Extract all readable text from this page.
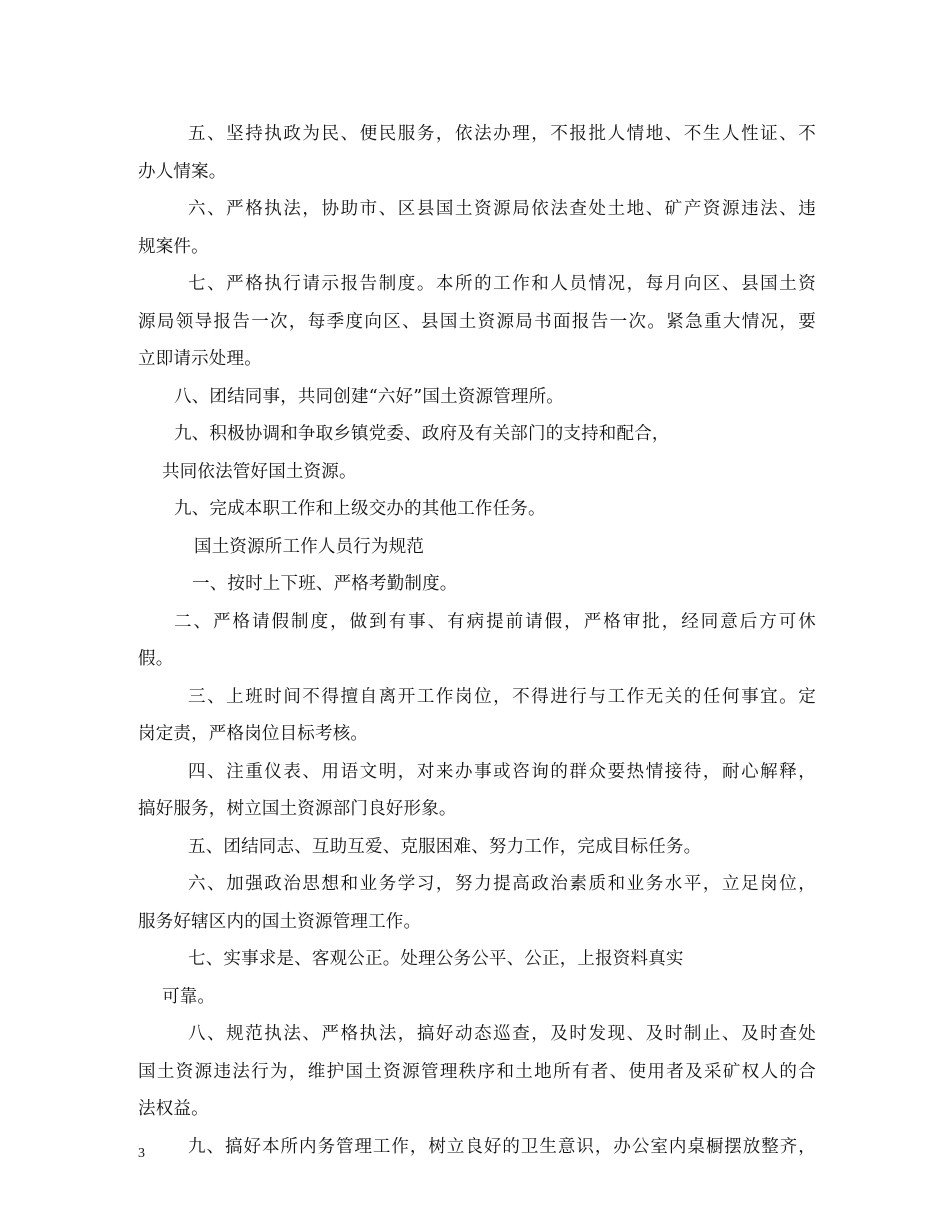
五、坚持执政为民、便民服务，依法办理，不报批人情地、不生人性证、不
办人情案。
六、严格执法，协助市、区县国土资源局依法查处土地、矿产资源违法、违
规案件。
七、严格执行请示报告制度。本所的工作和人员情况，每月向区、县国土资
源局领导报告一次，每季度向区、县国土资源局书面报告一次。紧急重大情况，要
立即请示处理。
八、团结同事，共同创建“六好”国土资源管理所。
九、积极协调和争取乡镇党委、政府及有关部门的支持和配合，
共同依法管好国土资源。
九、完成本职工作和上级交办的其他工作任务。
国土资源所工作人员行为规范
一、按时上下班、严格考勤制度。
二、严格请假制度，做到有事、有病提前请假，严格审批，经同意后方可休
假。
三、上班时间不得擅自离开工作岗位，不得进行与工作无关的任何事宜。定
岗定责，严格岗位目标考核。
四、注重仪表、用语文明，对来办事或咨询的群众要热情接待，耐心解释，
搞好服务，树立国土资源部门良好形象。
五、团结同志、互助互爱、克服困难、努力工作，完成目标任务。
六、加强政治思想和业务学习，努力提高政治素质和业务水平，立足岗位，
服务好辖区内的国土资源管理工作。
七、实事求是、客观公正。处理公务公平、公正，上报资料真实
可靠。
八、规范执法、严格执法，搞好动态巡查，及时发现、及时制止、及时查处
国土资源违法行为，维护国土资源管理秩序和土地所有者、使用者及采矿权人的合
法权益。
九、搞好本所内务管理工作，树立良好的卫生意识，办公室内桌橱摆放整齐，
3
